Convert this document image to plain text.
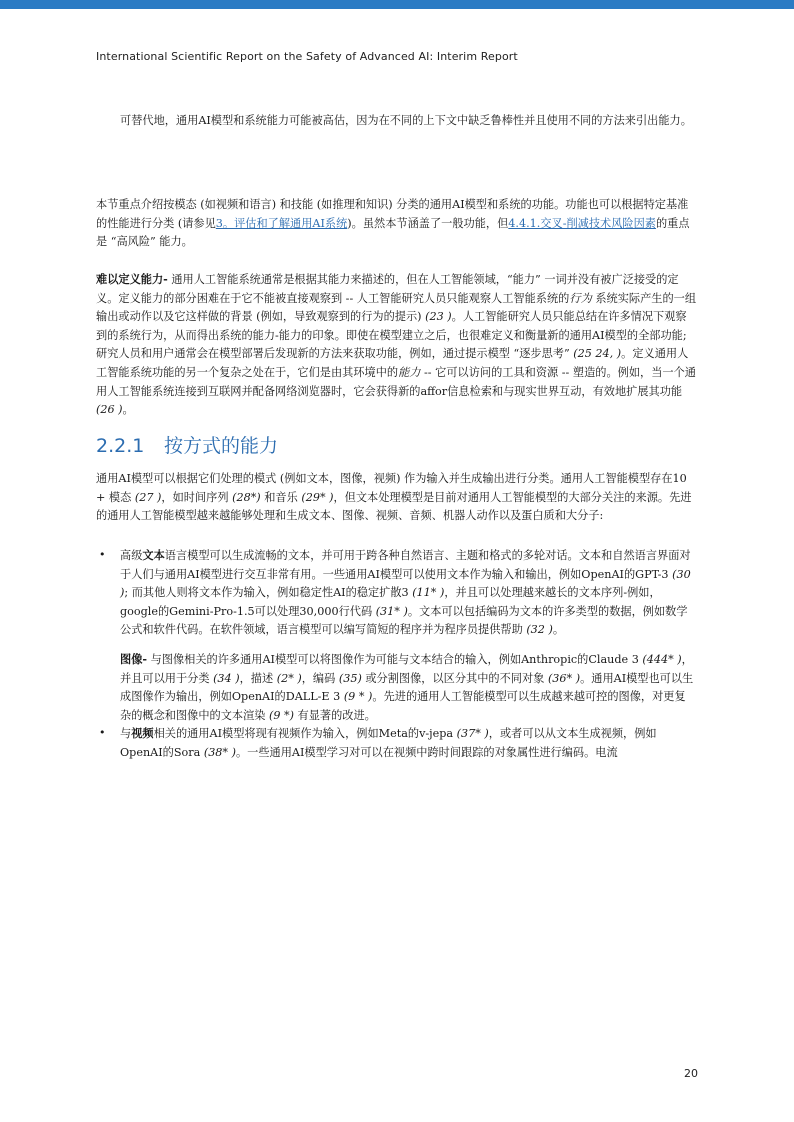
International Scientific Report on the Safety of Advanced AI: Interim Report

可替代地，通用AI模型和系统能力可能被高估，因为在不同的上下文中缺乏鲁棒性并且使用不同的方法来引出能力。

本节重点介绍按模态 (如视频和语言) 和技能 (如推理和知识) 分类的通用AI模型和系统的功能。功能也可以根据特定基准的性能进行分类 (请参见3。评估和了解通用AI系统)。虽然本节涵盖了一般功能，但4.4.1.交叉-削减技术风险因素的重点是 “高风险” 能力。

难以定义能力- 通用人工智能系统通常是根据其能力来描述的，但在人工智能领域，“能力” 一词并没有被广泛接受的定义。定义能力的部分困难在于它不能被直接观察到 -- 人工智能研究人员只能观察人工智能系统的行为 系统实际产生的一组输出或动作以及它这样做的背景 (例如，导致观察到的行为的提示) (23 )。人工智能研究人员只能总结在许多情况下观察到的系统行为，从而得出系统的能力-能力的印象。即使在模型建立之后，也很难定义和衡量新的通用AI模型的全部功能; 研究人员和用户通常会在模型部署后发现新的方法来获取功能，例如，通过提示模型 “逐步思考” (25 24, )。定义通用人工智能系统功能的另一个复杂之处在于，它们是由其环境中的能力 -- 它可以访问的工具和资源 -- 塑造的。例如，当一个通用人工智能系统连接到互联网并配备网络浏览器时，它会获得新的affor信息检索和与现实世界互动，有效地扩展其功能 (26 )。

2.2.1 按方式的能力

通用AI模型可以根据它们处理的模式 (例如文本，图像，视频) 作为输入并生成输出进行分类。通用人工智能模型存在10 + 模态 (27 )，如时间序列 (28*) 和音乐 (29* )，但文本处理模型是目前对通用人工智能模型的大部分关注的来源。先进的通用人工智能模型越来越能够处理和生成文本、图像、视频、音频、机器人动作以及蛋白质和大分子:

• 高级文本语言模型可以生成流畅的文本，并可用于跨各种自然语言、主题和格式的多轮对话。文本和自然语言界面对于人们与通用AI模型进行交互非常有用。一些通用AI模型可以使用文本作为输入和输出，例如OpenAI的GPT-3 (30 ); 而其他人则将文本作为输入，例如稳定性AI的稳定扩散3 (11* )，并且可以处理越来越长的文本序列-例如，google的Gemini-Pro-1.5可以处理30,000行代码 (31* )。文本可以包括编码为文本的许多类型的数据，例如数学公式和软件代码。在软件领域，语言模型可以编写简短的程序并为程序员提供帮助 (32 )。

图像- 与图像相关的许多通用AI模型可以将图像作为可能与文本结合的输入，例如Anthropic的Claude 3 (444* )，并且可以用于分类 (34 )，描述 (2* )，编码 (35) 或分割图像，以区分其中的不同对象 (36* )。通用AI模型也可以生成图像作为输出，例如OpenAI的DALL-E 3 (9 * )。先进的通用人工智能模型可以生成越来越可控的图像，对更复杂的概念和图像中的文本渲染 (9 *) 有显著的改进。

• 与视频相关的通用AI模型将现有视频作为输入，例如Meta的v-jepa (37* )，或者可以从文本生成视频，例如OpenAI的Sora (38* )。一些通用AI模型学习对可以在视频中跨时间跟踪的对象属性进行编码。电流

20
